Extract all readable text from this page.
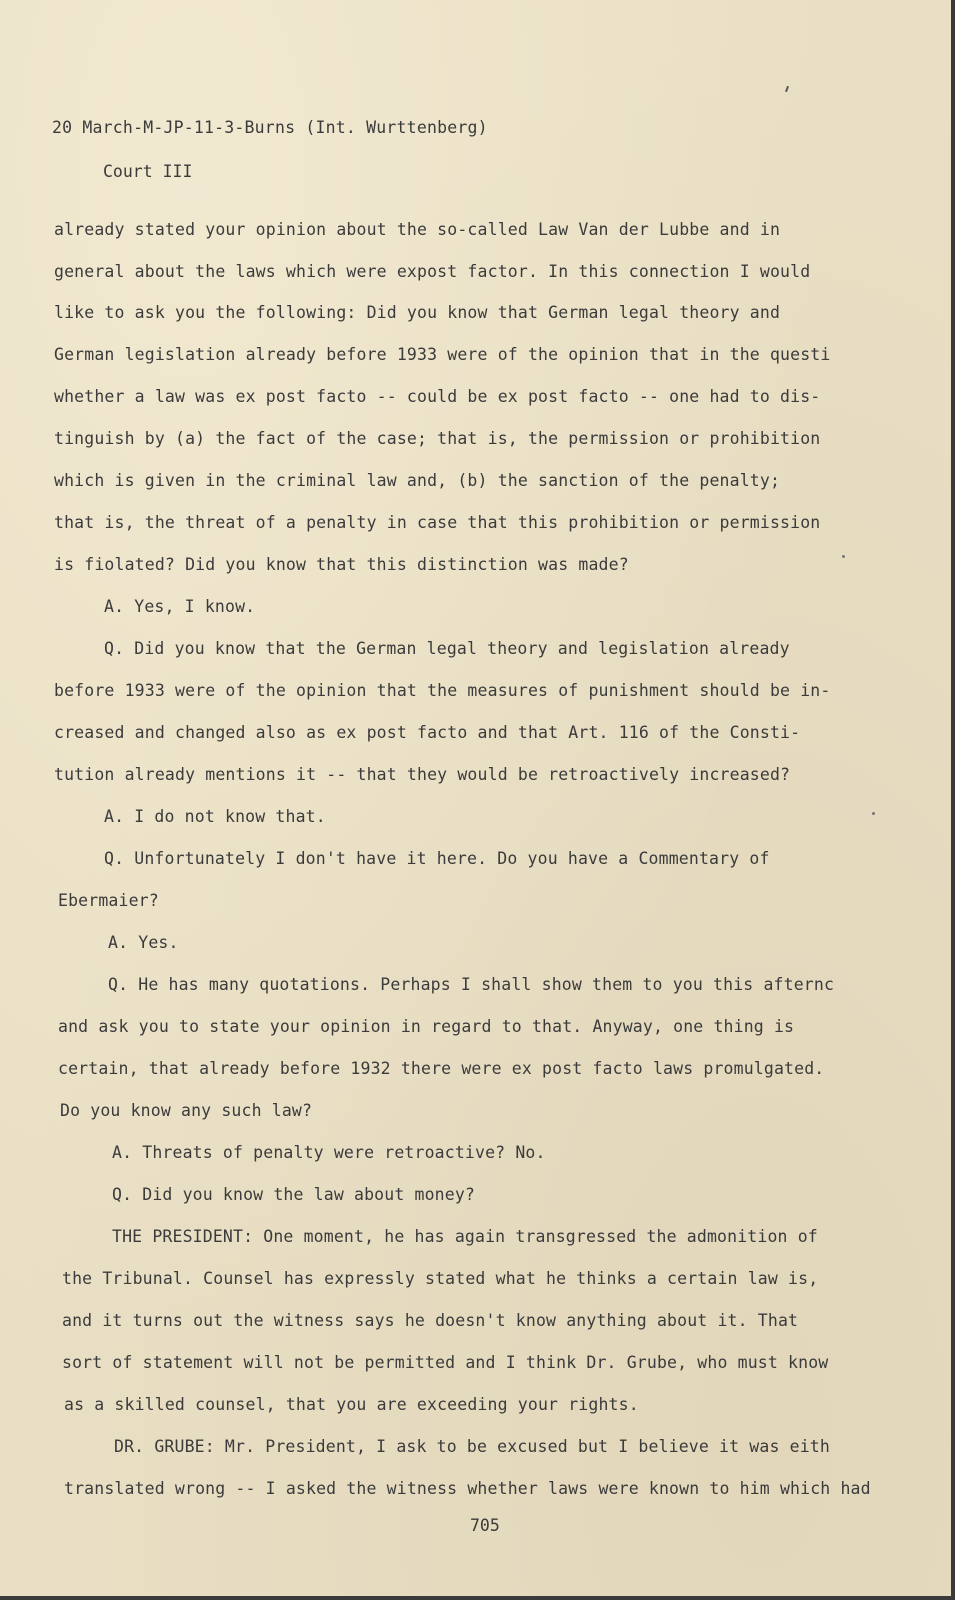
20 March-M-JP-11-3-Burns (Int. Wurttenberg)
Court III
already stated your opinion about the so-called Law Van der Lubbe and in
general about the laws which were expost factor. In this connection I would
like to ask you the following: Did you know that German legal theory and
German legislation already before 1933 were of the opinion that in the questi
whether a law was ex post facto -- could be ex post facto -- one had to dis-
tinguish by (a) the fact of the case; that is, the permission or prohibition
which is given in the criminal law and, (b) the sanction of the penalty;
that is, the threat of a penalty in case that this prohibition or permission
is fiolated? Did you know that this distinction was made?
A. Yes, I know.
Q. Did you know that the German legal theory and legislation already
before 1933 were of the opinion that the measures of punishment should be in-
creased and changed also as ex post facto and that Art. 116 of the Consti-
tution already mentions it -- that they would be retroactively increased?
A. I do not know that.
Q. Unfortunately I don't have it here. Do you have a Commentary of
Ebermaier?
A. Yes.
Q. He has many quotations. Perhaps I shall show them to you this afternc
and ask you to state your opinion in regard to that. Anyway, one thing is
certain, that already before 1932 there were ex post facto laws promulgated.
Do you know any such law?
A. Threats of penalty were retroactive? No.
Q. Did you know the law about money?
THE PRESIDENT: One moment, he has again transgressed the admonition of
the Tribunal. Counsel has expressly stated what he thinks a certain law is,
and it turns out the witness says he doesn't know anything about it. That
sort of statement will not be permitted and I think Dr. Grube, who must know
as a skilled counsel, that you are exceeding your rights.
DR. GRUBE: Mr. President, I ask to be excused but I believe it was eith
translated wrong -- I asked the witness whether laws were known to him which had
705
